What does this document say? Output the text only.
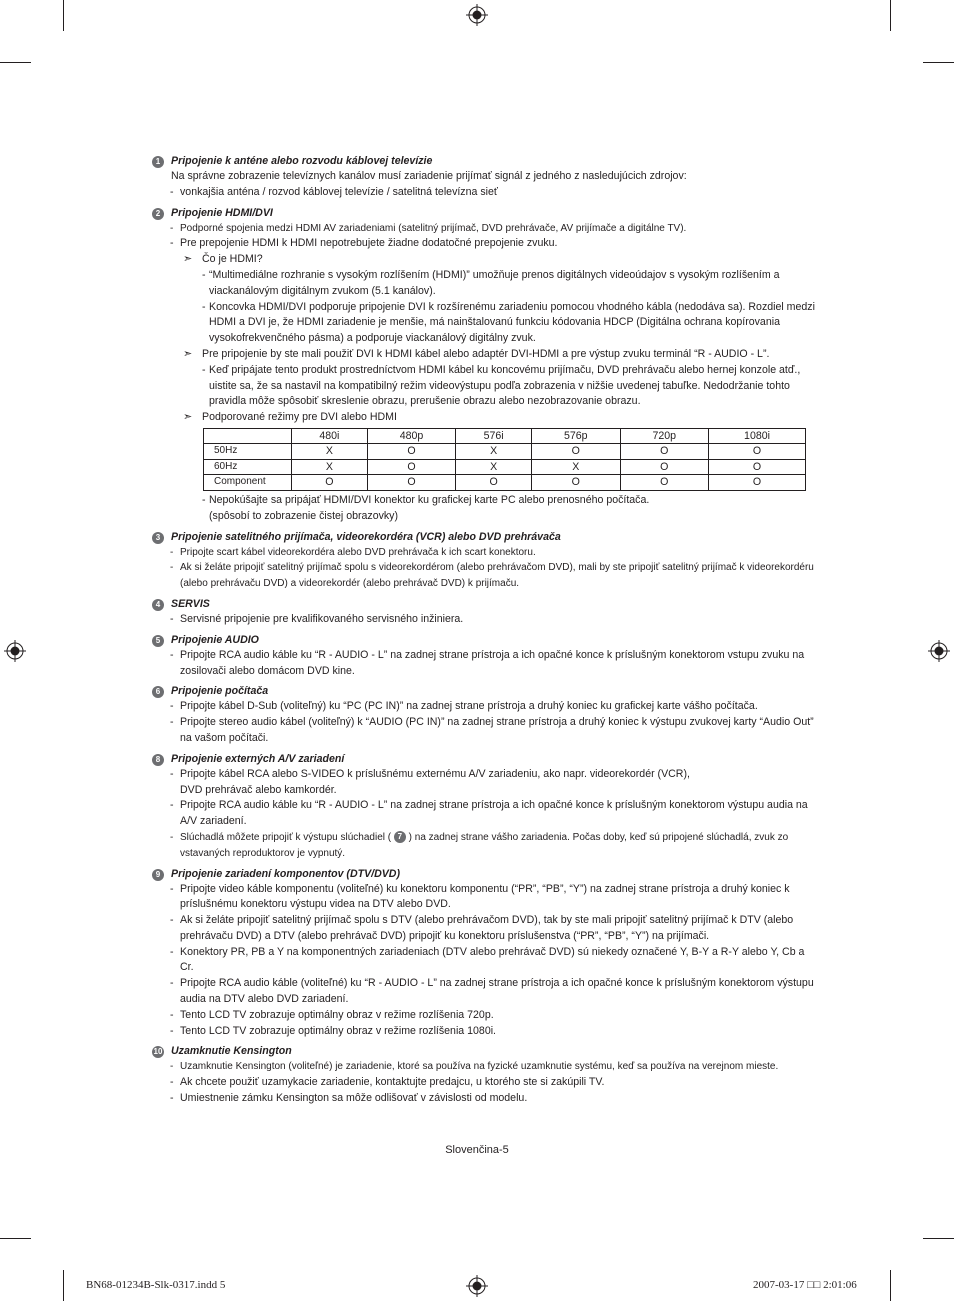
1	Pripojenie k anténe alebo rozvodu káblovej televízie
Na správne zobrazenie televíznych kanálov musí zariadenie prijímať signál z jedného z nasledujúcich zdrojov:
- vonkajšia anténa / rozvod káblovej televízie / satelitná televízna sieť
2	Pripojenie HDMI/DVI
- Podporné spojenia medzi HDMI AV zariadeniami (satelitný prijímač, DVD prehrávače, AV prijímače a digitálne TV).
- Pre prepojenie HDMI k HDMI nepotrebujete žiadne dodatočné prepojenie zvuku.
➣ Čo je HDMI?
- “Multimediálne rozhranie s vysokým rozlíšením (HDMI)” umožňuje prenos digitálnych videoúdajov s vysokým rozlíšením a viackanálovým digitálnym zvukom (5.1 kanálov).
- Koncovka HDMI/DVI podporuje pripojenie DVI k rozšírenému zariadeniu pomocou vhodného kábla (nedodáva sa). Rozdiel medzi HDMI a DVI je, že HDMI zariadenie je menšie, má nainštalovanú funkciu kódovania HDCP (Digitálna ochrana kopírovania vysokofrekvenčného pásma) a podporuje viackanálový digitálny zvuk.
➣ Pre pripojenie by ste mali použiť DVI k HDMI kábel alebo adaptér DVI-HDMI a pre výstup zvuku terminál “R - AUDIO - L”.
- Keď pripájate tento produkt prostredníctvom HDMI kábel ku koncovému prijímaču, DVD prehrávaču alebo hernej konzole atď., uistite sa, že sa nastavil na kompatibilný režim videovýstupu podľa zobrazenia v nižšie uvedenej tabuľke. Nedodržanie tohto pravidla môže spôsobiť skreslenie obrazu, prerušenie obrazu alebo nezobrazovanie obrazu.
➣ Podporované režimy pre DVI alebo HDMI
	480i	480p	576i	576p	720p	1080i
50Hz	X	O	X	O	O	O
60Hz	X	O	X	X	O	O
Component	O	O	O	O	O	O
- Nepokúšajte sa pripájať HDMI/DVI konektor ku grafickej karte PC alebo prenosného počítača.
(spôsobí to zobrazenie čistej obrazovky)
3	Pripojenie satelitného prijímača, videorekordéra (VCR) alebo DVD prehrávača
- Pripojte scart kábel videorekordéra alebo DVD prehrávača k ich scart konektoru.
- Ak si želáte pripojiť satelitný prijímač spolu s videorekordérom (alebo prehrávačom DVD), mali by ste pripojiť satelitný prijímač k videorekordéru (alebo prehrávaču DVD) a videorekordér (alebo prehrávač DVD) k prijímaču.
4	SERVIS
- Servisné pripojenie pre kvalifikovaného servisného inžiniera.
5	Pripojenie AUDIO
- Pripojte RCA audio káble ku “R - AUDIO - L” na zadnej strane prístroja a ich opačné konce k príslušným konektorom vstupu zvuku na zosilovači alebo domácom DVD kine.
6	Pripojenie počítača
- Pripojte kábel D-Sub (voliteľný) ku “PC (PC IN)” na zadnej strane prístroja a druhý koniec ku grafickej karte vášho počítača.
- Pripojte stereo audio kábel (voliteľný) k “AUDIO (PC IN)” na zadnej strane prístroja a druhý koniec k výstupu zvukovej karty “Audio Out” na vašom počítači.
8	Pripojenie externých A/V zariadení
- Pripojte kábel RCA alebo S-VIDEO k príslušnému externému A/V zariadeniu, ako napr. videorekordér (VCR),
DVD prehrávač alebo kamkordér.
- Pripojte RCA audio káble ku “R - AUDIO - L” na zadnej strane prístroja a ich opačné konce k príslušným konektorom výstupu audia na A/V zariadení.
- Slúchadlá môžete pripojiť k výstupu slúchadiel ( 7 ) na zadnej strane vášho zariadenia. Počas doby, keď sú pripojené slúchadlá, zvuk zo vstavaných reproduktorov je vypnutý.
9	Pripojenie zariadení komponentov (DTV/DVD)
- Pripojte video káble komponentu (voliteľné) ku konektoru komponentu (“PR”, “PB”, “Y”) na zadnej strane prístroja a druhý koniec k príslušnému konektoru výstupu videa na DTV alebo DVD.
- Ak si želáte pripojiť satelitný prijímač spolu s DTV (alebo prehrávačom DVD), tak by ste mali pripojiť satelitný prijímač k DTV (alebo prehrávaču DVD) a DTV (alebo prehrávač DVD) pripojiť ku konektoru príslušenstva (“PR”, “PB”, “Y”) na prijímači.
- Konektory PR, PB a Y na komponentných zariadeniach (DTV alebo prehrávač DVD) sú niekedy označené Y, B-Y a R-Y alebo Y, Cb a Cr.
- Pripojte RCA audio káble (voliteľné) ku “R - AUDIO - L” na zadnej strane prístroja a ich opačné konce k príslušným konektorom výstupu audia na DTV alebo DVD zariadení.
- Tento LCD TV zobrazuje optimálny obraz v režime rozlíšenia 720p.
- Tento LCD TV zobrazuje optimálny obraz v režime rozlíšenia 1080i.
10 Uzamknutie Kensington
- Uzamknutie Kensington (voliteľné) je zariadenie, ktoré sa používa na fyzické uzamknutie systému, keď sa používa na verejnom mieste.
- Ak chcete použiť uzamykacie zariadenie, kontaktujte predajcu, u ktorého ste si zakúpili TV.
- Umiestnenie zámku Kensington sa môže odlišovať v závislosti od modelu.
Slovenčina-5
BN68-01234B-Slk-0317.indd 5	2007-03-17 □□ 2:01:06
